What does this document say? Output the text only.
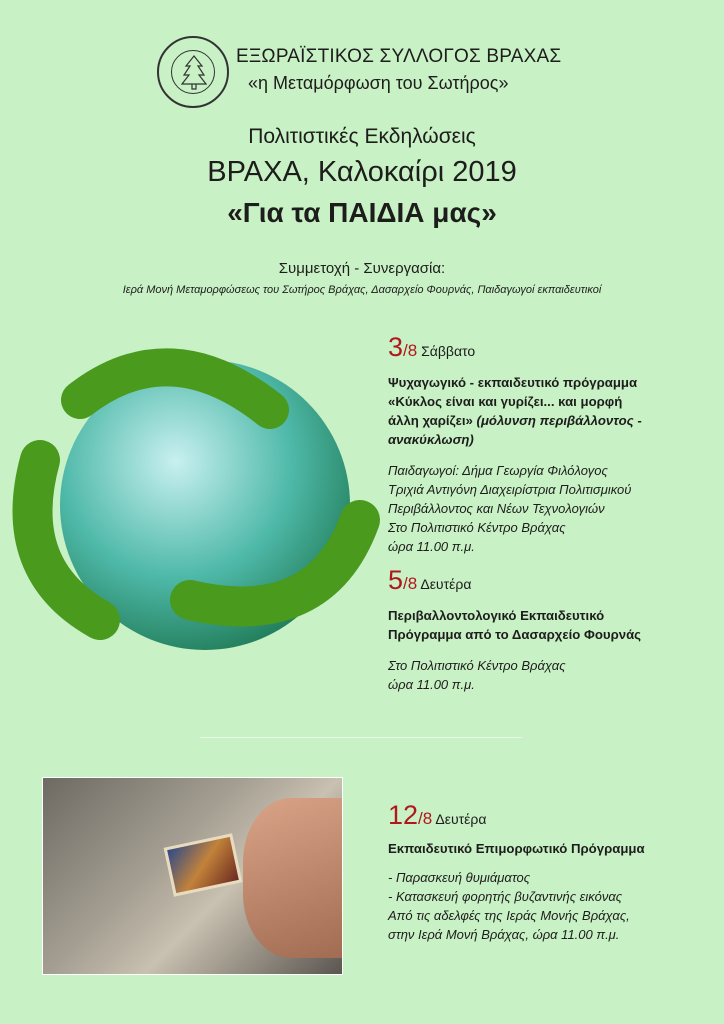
ΕΞΩΡΑΪΣΤΙΚΟΣ ΣΥΛΛΟΓΟΣ ΒΡΑΧΑΣ
«η Μεταμόρφωση του Σωτήρος»
Πολιτιστικές Εκδηλώσεις
ΒΡΑΧΑ, Καλοκαίρι 2019
«Για τα ΠΑΙΔΙΑ μας»
Συμμετοχή - Συνεργασία:
Ιερά Μονή Μεταμορφώσεως του Σωτήρος Βράχας, Δασαρχείο Φουρνάς, Παιδαγωγοί εκπαιδευτικοί
3/8 Σάββατο
Ψυχαγωγικό - εκπαιδευτικό πρόγραμμα
«Κύκλος είναι και γυρίζει... και μορφή
άλλη χαρίζει» (μόλυνση περιβάλλοντος -
ανακύκλωση)
Παιδαγωγοί: Δήμα Γεωργία Φιλόλογος
Τριχιά Αντιγόνη Διαχειρίστρια Πολιτισμικού
Περιβάλλοντος και Νέων Τεχνολογιών
Στο Πολιτιστικό Κέντρο Βράχας
ώρα 11.00 π.μ.
5/8 Δευτέρα
Περιβαλλοντολογικό Εκπαιδευτικό
Πρόγραμμα από το Δασαρχείο Φουρνάς
Στο Πολιτιστικό Κέντρο Βράχας
ώρα 11.00 π.μ.
12/8 Δευτέρα
Εκπαιδευτικό Επιμορφωτικό Πρόγραμμα
- Παρασκευή θυμιάματος
- Κατασκευή φορητής βυζαντινής εικόνας
Από τις αδελφές της Ιεράς Μονής Βράχας,
στην Ιερά Μονή Βράχας, ώρα 11.00 π.μ.
